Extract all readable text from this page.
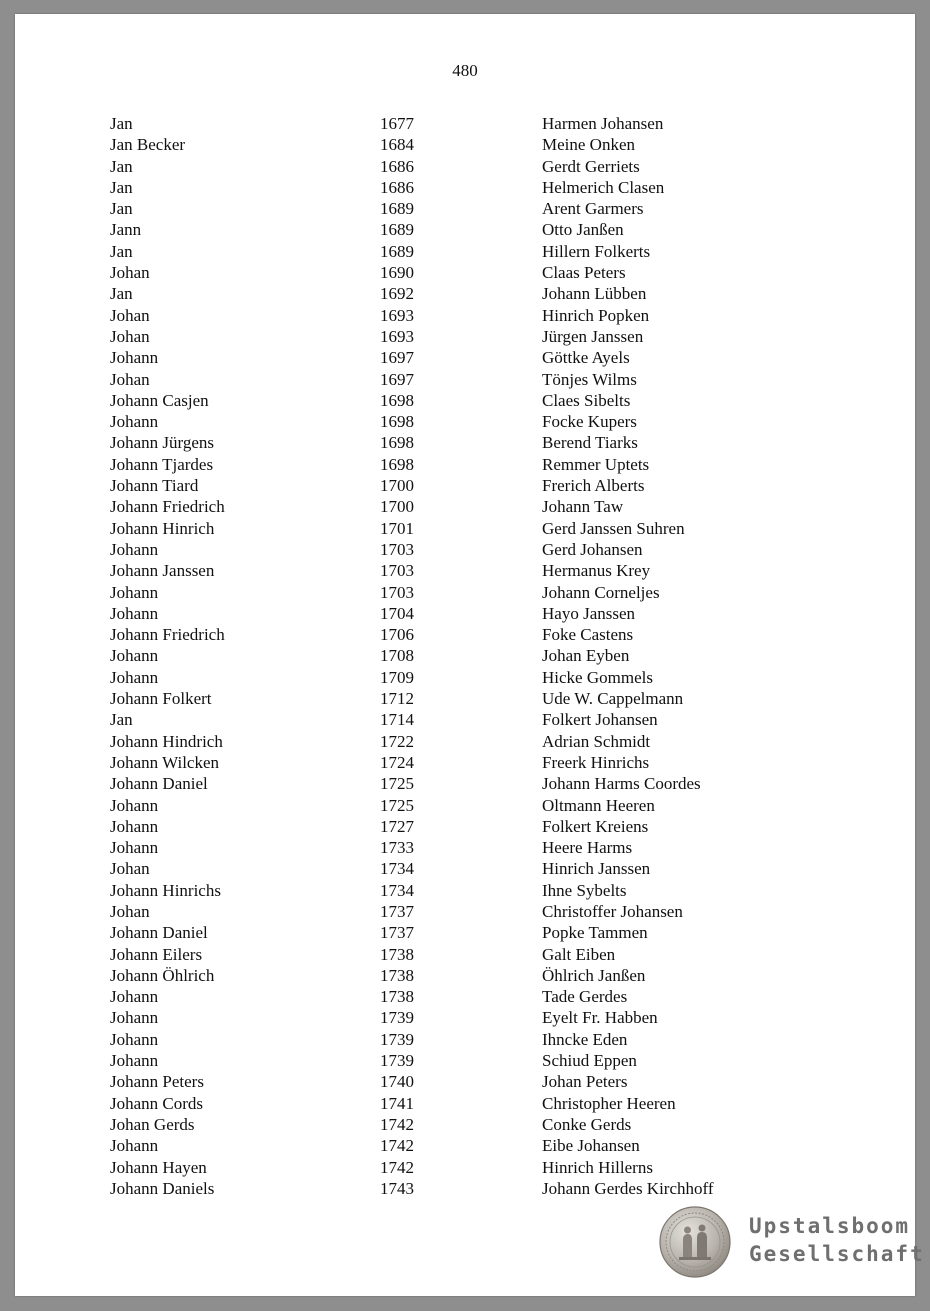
480
Jan	1677	Harmen Johansen
Jan Becker	1684	Meine Onken
Jan	1686	Gerdt Gerriets
Jan	1686	Helmerich Clasen
Jan	1689	Arent Garmers
Jann	1689	Otto Janßen
Jan	1689	Hillern Folkerts
Johan	1690	Claas Peters
Jan	1692	Johann Lübben
Johan	1693	Hinrich Popken
Johan	1693	Jürgen Janssen
Johann	1697	Göttke Ayels
Johan	1697	Tönjes Wilms
Johann Casjen	1698	Claes Sibelts
Johann	1698	Focke Kupers
Johann Jürgens	1698	Berend Tiarks
Johann Tjardes	1698	Remmer Uptets
Johann Tiard	1700	Frerich Alberts
Johann Friedrich	1700	Johann Taw
Johann Hinrich	1701	Gerd Janssen Suhren
Johann	1703	Gerd Johansen
Johann Janssen	1703	Hermanus Krey
Johann	1703	Johann Corneljes
Johann	1704	Hayo Janssen
Johann Friedrich	1706	Foke Castens
Johann	1708	Johan Eyben
Johann	1709	Hicke Gommels
Johann Folkert	1712	Ude W. Cappelmann
Jan	1714	Folkert Johansen
Johann Hindrich	1722	Adrian Schmidt
Johann Wilcken	1724	Freerk Hinrichs
Johann Daniel	1725	Johann Harms Coordes
Johann	1725	Oltmann Heeren
Johann	1727	Folkert Kreiens
Johann	1733	Heere Harms
Johan	1734	Hinrich Janssen
Johann Hinrichs	1734	Ihne Sybelts
Johan	1737	Christoffer Johansen
Johann Daniel	1737	Popke Tammen
Johann Eilers	1738	Galt Eiben
Johann Öhlrich	1738	Öhlrich Janßen
Johann	1738	Tade Gerdes
Johann	1739	Eyelt Fr. Habben
Johann	1739	Ihncke Eden
Johann	1739	Schiud Eppen
Johann Peters	1740	Johan Peters
Johann Cords	1741	Christopher Heeren
Johan Gerds	1742	Conke Gerds
Johann	1742	Eibe Johansen
Johann Hayen	1742	Hinrich Hillerns
Johann Daniels	1743	Johann Gerdes Kirchhoff
Upstalsboom
Gesellschaft
